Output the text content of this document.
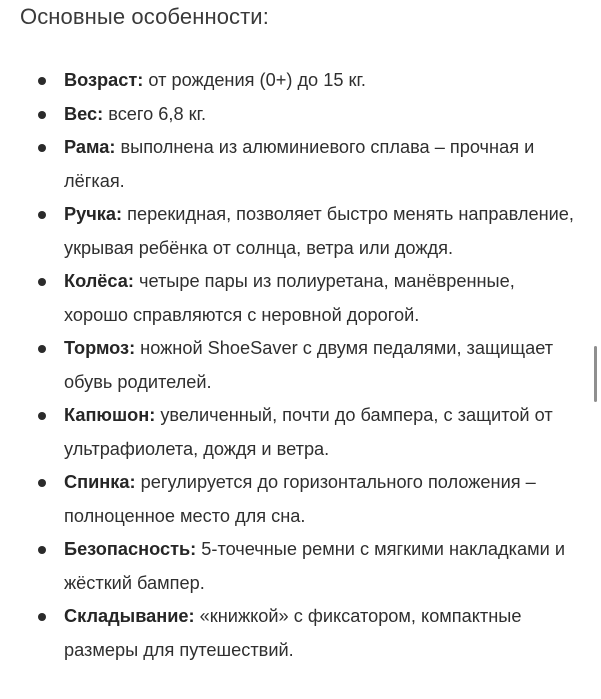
Основные особенности:
Возраст: от рождения (0+) до 15 кг.
Вес: всего 6,8 кг.
Рама: выполнена из алюминиевого сплава – прочная и лёгкая.
Ручка: перекидная, позволяет быстро менять направление, укрывая ребёнка от солнца, ветра или дождя.
Колёса: четыре пары из полиуретана, манёвренные, хорошо справляются с неровной дорогой.
Тормоз: ножной ShoeSaver с двумя педалями, защищает обувь родителей.
Капюшон: увеличенный, почти до бампера, с защитой от ультрафиолета, дождя и ветра.
Спинка: регулируется до горизонтального положения – полноценное место для сна.
Безопасность: 5-точечные ремни с мягкими накладками и жёсткий бампер.
Складывание: «книжкой» с фиксатором, компактные размеры для путешествий.
